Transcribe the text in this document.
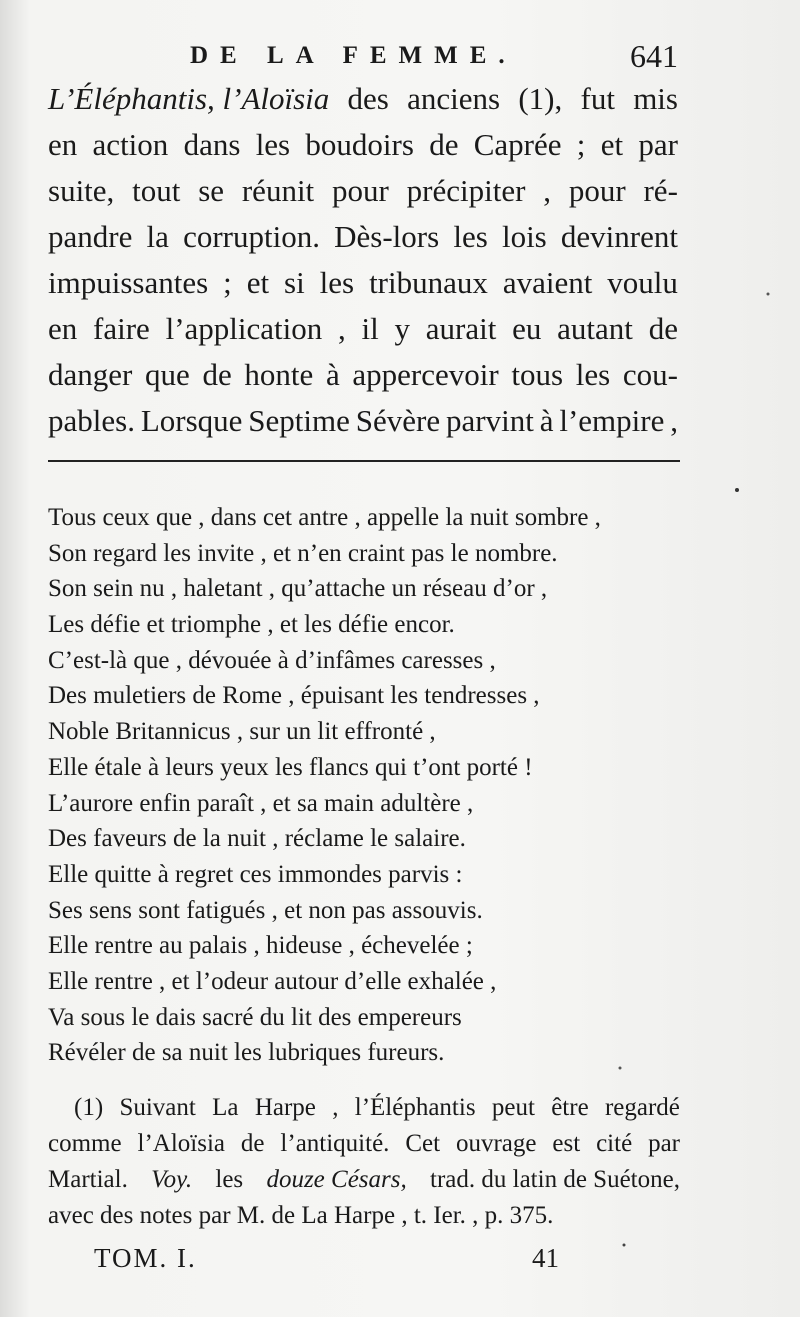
DE LA FEMME.	641
L’Éléphantis, l’Aloïsia des anciens (1), fut mis
en action dans les boudoirs de Caprée ; et par
suite, tout se réunit pour précipiter , pour ré-
pandre la corruption. Dès-lors les lois devinrent
impuissantes ; et si les tribunaux avaient voulu
en faire l’application , il y aurait eu autant de
danger que de honte à appercevoir tous les cou-
pables. Lorsque Septime Sévère parvint à l’empire ,
Tous ceux que , dans cet antre , appelle la nuit sombre ,
Son regard les invite , et n’en craint pas le nombre.
Son sein nu , haletant , qu’attache un réseau d’or ,
Les défie et triomphe , et les défie encor.
C’est-là que , dévouée à d’infâmes caresses ,
Des muletiers de Rome , épuisant les tendresses ,
Noble Britannicus , sur un lit effronté ,
Elle étale à leurs yeux les flancs qui t’ont porté !
L’aurore enfin paraît , et sa main adultère ,
Des faveurs de la nuit , réclame le salaire.
Elle quitte à regret ces immondes parvis :
Ses sens sont fatigués , et non pas assouvis.
Elle rentre au palais , hideuse , échevelée ;
Elle rentre , et l’odeur autour d’elle exhalée ,
Va sous le dais sacré du lit des empereurs
Révéler de sa nuit les lubriques fureurs.
(1) Suivant La Harpe , l’Éléphantis peut être regardé
comme l’Aloïsia de l’antiquité. Cet ouvrage est cité par
Martial. Voy. les douze Césars, trad. du latin de Suétone,
avec des notes par M. de La Harpe , t. Ier. , p. 375.
TOM. I.	41
